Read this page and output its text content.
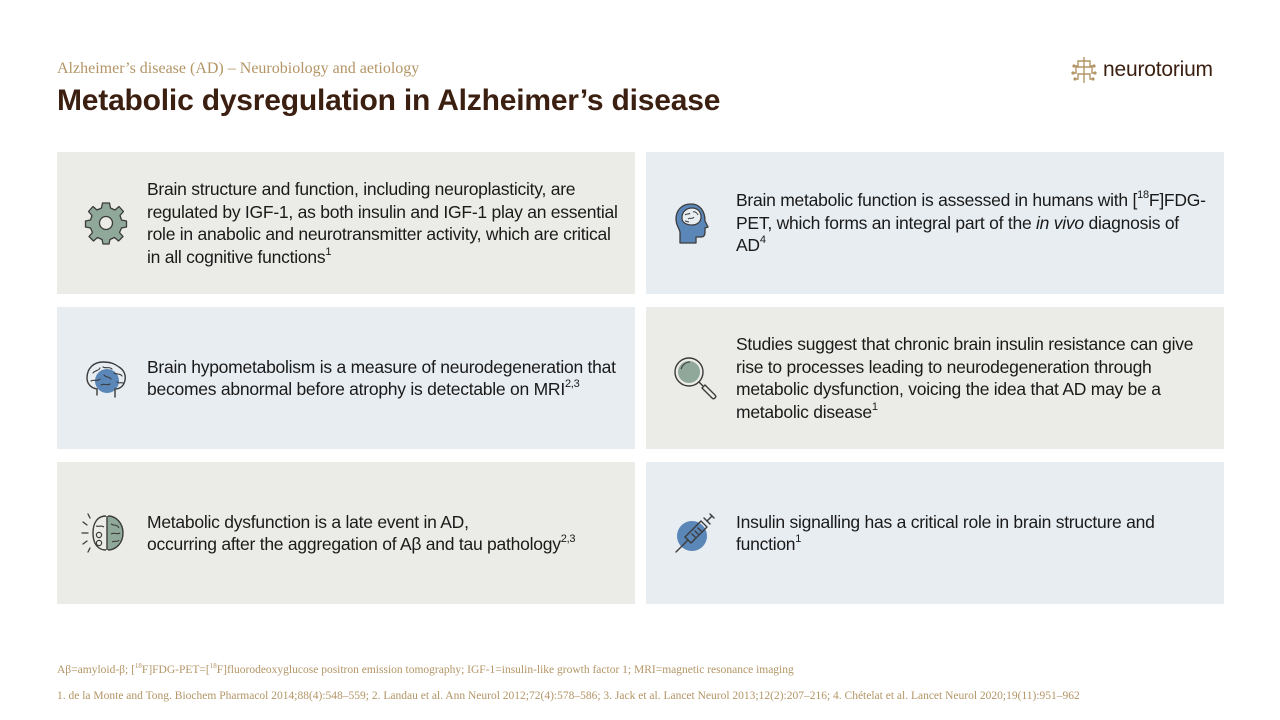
Alzheimer’s disease (AD) – Neurobiology and aetiology
Metabolic dysregulation in Alzheimer’s disease
neurotorium
Brain structure and function, including neuroplasticity, are regulated by IGF-1, as both insulin and IGF-1 play an essential role in anabolic and neurotransmitter activity, which are critical in all cognitive functions$^1$
Brain metabolic function is assessed in humans with [$^{18}$F]FDG-PET, which forms an integral part of the in vivo diagnosis of $AD^4$
Brain hypometabolism is a measure of neurodegeneration that becomes abnormal before atrophy is detectable on MRI$^{2,3}$
Studies suggest that chronic brain insulin resistance can give rise to processes leading to neurodegeneration through metabolic dysfunction, voicing the idea that AD may be a metabolic disease$^1$
Metabolic dysfunction is a late event in AD,
occurring after the aggregation of Aβ and tau pathology$^{2,3}$
Insulin signalling has a critical role in brain structure and function$^1$
Aβ=amyloid-β; [$^{18}$F]FDG-PET=[$^{18}$F]fluorodeoxyglucose positron emission tomography; IGF-1=insulin-like growth factor 1; MRI=magnetic resonance imaging
1. de la Monte and Tong. Biochem Pharmacol 2014;88(4):548–559; 2. Landau et al. Ann Neurol 2012;72(4):578–586; 3. Jack et al. Lancet Neurol 2013;12(2):207–216; 4. Chételat et al. Lancet Neurol 2020;19(11):951–962
